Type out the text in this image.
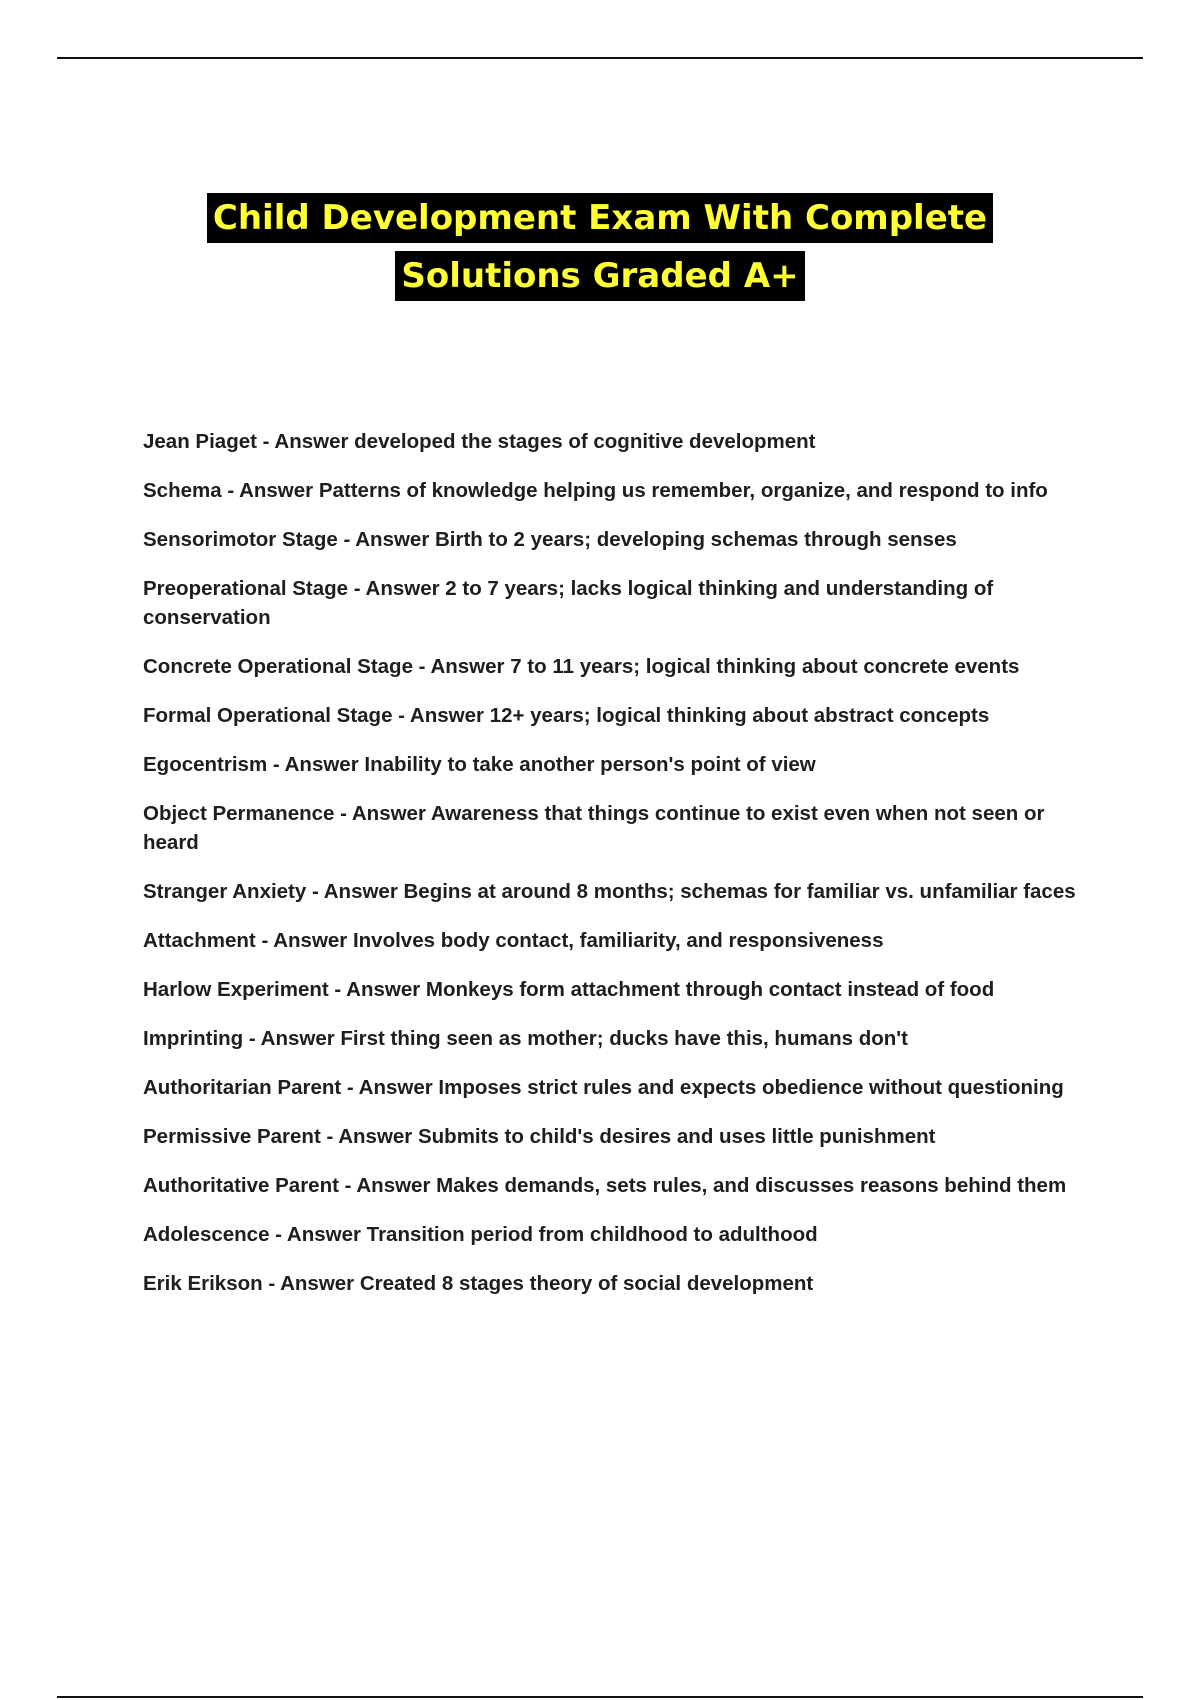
Child Development Exam With Complete
Solutions Graded A+
Jean Piaget - Answer developed the stages of cognitive development
Schema - Answer Patterns of knowledge helping us remember, organize, and respond to info
Sensorimotor Stage - Answer Birth to 2 years; developing schemas through senses
Preoperational Stage - Answer 2 to 7 years; lacks logical thinking and understanding of conservation
Concrete Operational Stage - Answer 7 to 11 years; logical thinking about concrete events
Formal Operational Stage - Answer 12+ years; logical thinking about abstract concepts
Egocentrism - Answer Inability to take another person's point of view
Object Permanence - Answer Awareness that things continue to exist even when not seen or heard
Stranger Anxiety - Answer Begins at around 8 months; schemas for familiar vs. unfamiliar faces
Attachment - Answer Involves body contact, familiarity, and responsiveness
Harlow Experiment - Answer Monkeys form attachment through contact instead of food
Imprinting - Answer First thing seen as mother; ducks have this, humans don't
Authoritarian Parent - Answer Imposes strict rules and expects obedience without questioning
Permissive Parent - Answer Submits to child's desires and uses little punishment
Authoritative Parent - Answer Makes demands, sets rules, and discusses reasons behind them
Adolescence - Answer Transition period from childhood to adulthood
Erik Erikson - Answer Created 8 stages theory of social development
